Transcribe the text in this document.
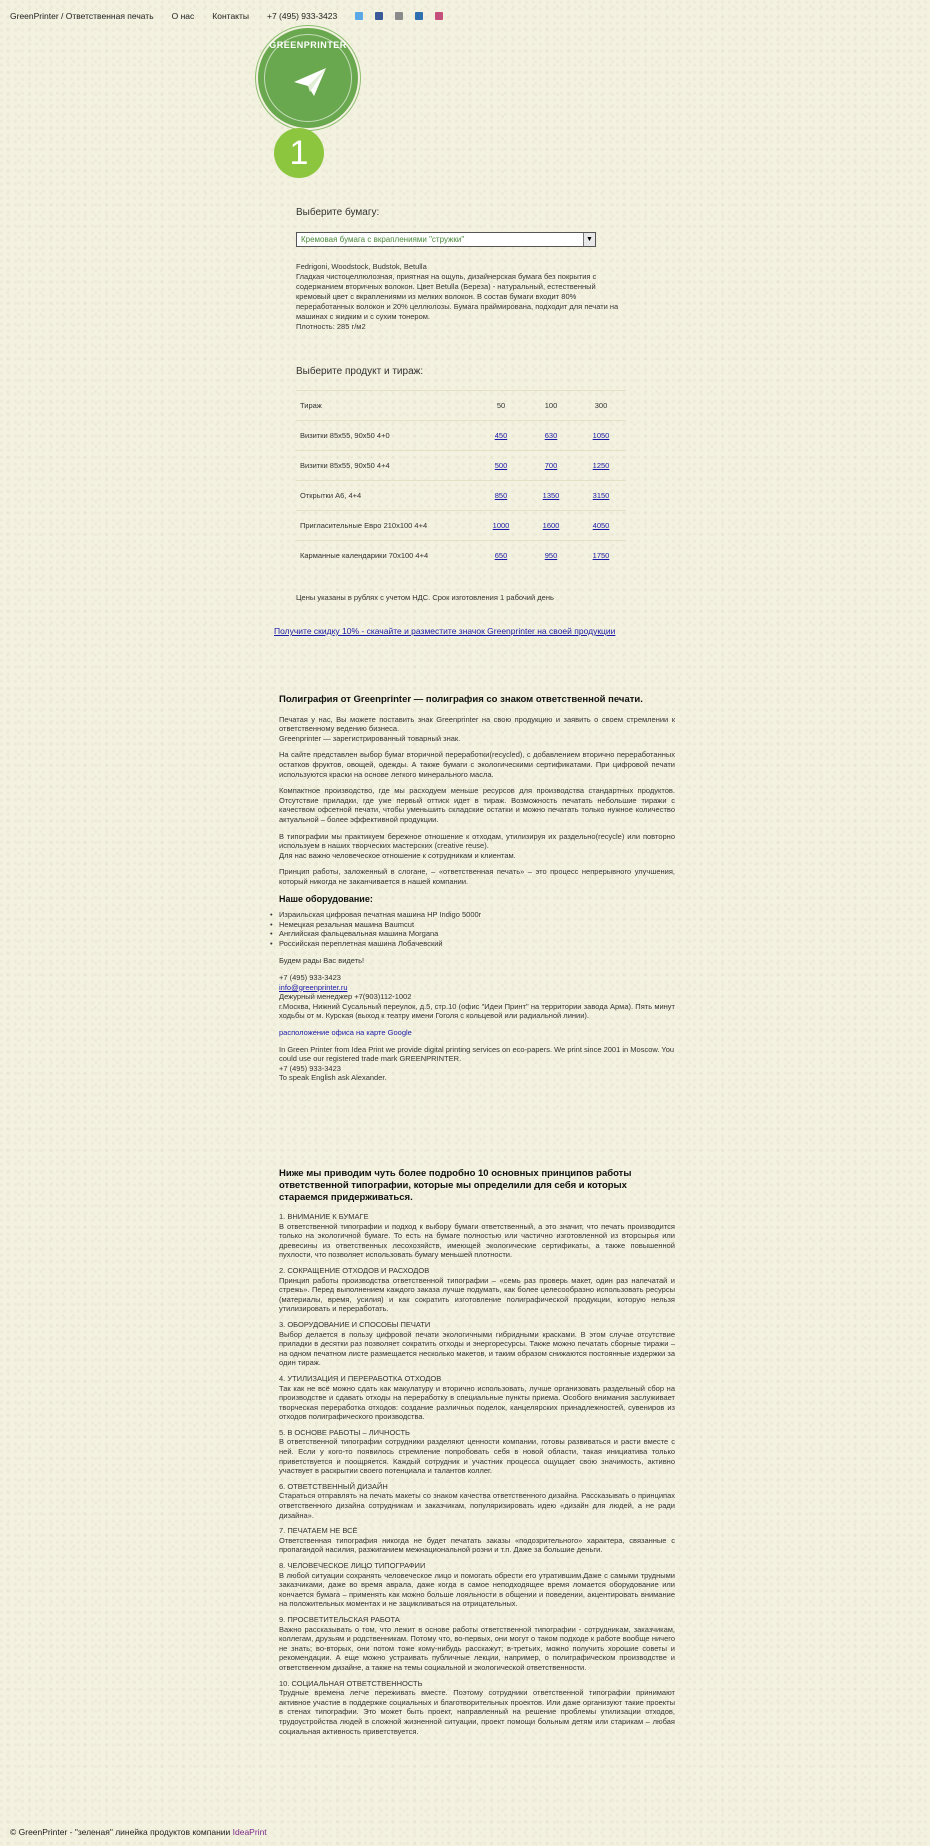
GreenPrinter / Ответственная печать О нас Контакты +7 (495) 933-3423
GREENPRINTER
1
Выберите бумагу:
Кремовая бумага с вкраплениями "стружки"	▼
Fedrigoni, Woodstock, Budstok, Betulla
Гладкая чистоцеллюлозная, приятная на ощупь, дизайнерская бумага без покрытия с содержанием вторичных волокон. Цвет Betulla (Береза) - натуральный, естественный кремовый цвет с вкраплениями из мелких волокон. В состав бумаги входит 80% переработанных волокон и 20% целлюлозы. Бумага праймирована, подходит для печати на машинах с жидким и с сухим тонером.
Плотность: 285 г/м2
Выберите продукт и тираж:
Тираж	50	100	300
Визитки 85х55, 90х50 4+0	450	630	1050
Визитки 85х55, 90х50 4+4	500	700	1250
Открытки А6, 4+4	850	1350	3150
Пригласительные Евро 210х100 4+4	1000	1600	4050
Карманные календарики 70х100 4+4	650	950	1750
Цены указаны в рублях с учетом НДС. Срок изготовления 1 рабочий день
Получите скидку 10% - скачайте и разместите значок Greenprinter на своей продукции
Полиграфия от Greenprinter — полиграфия со знаком ответственной печати.

Печатая у нас, Вы можете поставить знак Greenprinter на свою продукцию и заявить о своем стремлении к ответственному ведению бизнеса.

Greenprinter — зарегистрированный товарный знак.

На сайте представлен выбор бумаг вторичной переработки(recycled), с добавлением вторично переработанных остатков фруктов, овощей, одежды. А также бумаги с экологическими сертификатами. При цифровой печати используются краски на основе легкого минерального масла.

Компактное производство, где мы расходуем меньше ресурсов для производства стандартных продуктов. Отсутствие приладки, где уже первый оттиск идет в тираж. Возможность печатать небольшие тиражи с качеством офсетной печати, чтобы уменьшить складские остатки и можно печатать только нужное количество актуальной – более эффективной продукции.

В типографии мы практикуем бережное отношение к отходам, утилизируя их раздельно(recycle) или повторно используем в наших творческих мастерских (creative reuse).

Для нас важно человеческое отношение к сотрудникам и клиентам.

Принцип работы, заложенный в слогане, – «ответственная печать» – это процесс непрерывного улучшения, который никогда не заканчивается в нашей компании.

Наше оборудование:
• Израильская цифровая печатная машина HP Indigo 5000r
• Немецкая резальная машина Baumcut
• Английская фальцевальная машина Morgana
• Российская переплетная машина Лобачевский

Будем рады Вас видеть!

+7 (495) 933-3423
info@greenprinter.ru
Дежурный менеджер +7(903)112-1002

г.Москва, Нижний Сусальный переулок, д.5, стр.10 (офис "Идеи Принт" на территории завода Арма). Пять минут ходьбы от м. Курская (выход к театру имени Гоголя с кольцевой или радиальной линии).

расположение офиса на карте Google

In Green Printer from Idea Print we provide digital printing services on eco-papers. We print since 2001 in Moscow. You could use our registered trade mark GREENPRINTER.
+7 (495) 933-3423
To speak English ask Alexander.
Ниже мы приводим чуть более подробно 10 основных принципов работы ответственной типографии, которые мы определили для себя и которых стараемся придерживаться.
1. ВНИМАНИЕ К БУМАГЕ

В ответственной типографии и подход к выбору бумаги ответственный, а это значит, что печать производится только на экологичной бумаге. То есть на бумаге полностью или частично изготовленной из вторсырья или древесины из ответственных лесохозяйств, имеющей экологические сертификаты, а также повышенной пухлости, что позволяет использовать бумагу меньшей плотности.

2. СОКРАЩЕНИЕ ОТХОДОВ И РАСХОДОВ

Принцип работы производства ответственной типографии – «семь раз проверь макет, один раз напечатай и стрежь». Перед выполнением каждого заказа лучше подумать, как более целесообразно использовать ресурсы (материалы, время, усилия) и как сократить изготовление полиграфической продукции, которую нельзя утилизировать и переработать.

3. ОБОРУДОВАНИЕ И СПОСОБЫ ПЕЧАТИ

Выбор делается в пользу цифровой печати экологичными гибридными красками. В этом случае отсутствие приладки в десятки раз позволяет сократить отходы и энергоресурсы. Также можно печатать сборные тиражи – на одном печатном листе размещается несколько макетов, и таким образом снижаются постоянные издержки за один тираж.

4. УТИЛИЗАЦИЯ И ПЕРЕРАБОТКА ОТХОДОВ

Так как не всё можно сдать как макулатуру и вторично использовать, лучше организовать раздельный сбор на производстве и сдавать отходы на переработку в специальные пункты приема. Особого внимания заслуживает творческая переработка отходов: создание различных поделок, канцелярских принадлежностей, сувениров из отходов полиграфического производства.

5. В ОСНОВЕ РАБОТЫ – ЛИЧНОСТЬ

В ответственной типографии сотрудники разделяют ценности компании, готовы развиваться и расти вместе с ней. Если у кого-то появилось стремление попробовать себя в новой области, такая инициатива только приветствуется и поощряется. Каждый сотрудник и участник процесса ощущает свою значимость, активно участвует в раскрытии своего потенциала и талантов коллег.

6. ОТВЕТСТВЕННЫЙ ДИЗАЙН

Стараться отправлять на печать макеты со знаком качества ответственного дизайна. Рассказывать о принципах ответственного дизайна сотрудникам и заказчикам, популяризировать идею «дизайн для людей, а не ради дизайна».

7. ПЕЧАТАЕМ НЕ ВСЁ

Ответственная типография никогда не будет печатать заказы «подозрительного» характера, связанные с пропагандой насилия, разжиганием межнациональной розни и т.п. Даже за большие деньги.

8. ЧЕЛОВЕЧЕСКОЕ ЛИЦО ТИПОГРАФИИ

В любой ситуации сохранять человеческое лицо и помогать обрести его утратившим.Даже с самыми трудными заказчиками, даже во время аврала, даже когда в самое неподходящее время ломается оборудование или кончается бумага – применять как можно больше лояльности в общении и поведении, акцентировать внимание на положительных моментах и не зацикливаться на отрицательных.

9. ПРОСВЕТИТЕЛЬСКАЯ РАБОТА

Важно рассказывать о том, что лежит в основе работы ответственной типографии - сотрудникам, заказчикам, коллегам, друзьям и родственникам. Потому что, во-первых, они могут о таком подходе к работе вообще ничего не знать; во-вторых, они потом тоже кому-нибудь расскажут; в-третьих, можно получить хорошие советы и рекомендации. А еще можно устраивать публичные лекции, например, о полиграфическом производстве и ответственном дизайне, а также на темы социальной и экологической ответственности.

10. СОЦИАЛЬНАЯ ОТВЕТСТВЕННОСТЬ

Трудные времена легче переживать вместе. Поэтому сотрудники ответственной типографии принимают активное участие в поддержке социальных и благотворительных проектов. Или даже организуют такие проекты в стенах типографии. Это может быть проект, направленный на решение проблемы утилизации отходов, трудоустройства людей в сложной жизненной ситуации, проект помощи больным детям или старикам – любая социальная активность приветствуется.

© GreenPrinter - "зеленая" линейка продуктов компании IdeaPrint
